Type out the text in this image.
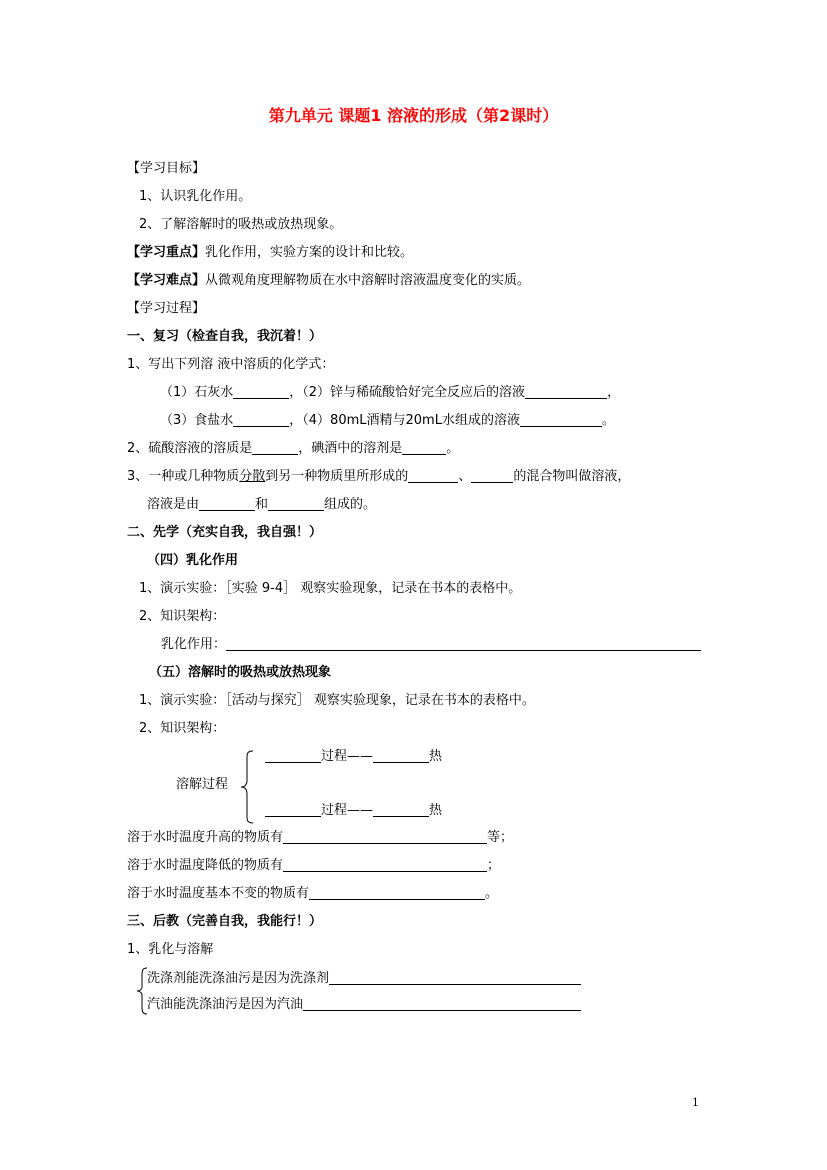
第九单元 课题1 溶液的形成（第2课时）
【学习目标】
1、认识乳化作用。
2、了解溶解时的吸热或放热现象。
【学习重点】乳化作用，实验方案的设计和比较。
【学习难点】从微观角度理解物质在水中溶解时溶液温度变化的实质。
【学习过程】
一、复习（检查自我，我沉着！）
1、写出下列溶 液中溶质的化学式：
（1）石灰水	，（2）锌与稀硫酸恰好完全反应后的溶液	，
（3）食盐水	，（4）80mL酒精与20mL水组成的溶液	。
2、硫酸溶液的溶质是	，碘酒中的溶剂是	。
3、一种或几种物质分散到另一种物质里所形成的	、	的混合物叫做溶液，
溶液是由	和	组成的。
二、先学（充实自我，我自强！）
（四）乳化作用
1、演示实验：［实验 9-4］ 观察实验现象，记录在书本的表格中。
2、知识架构：
乳化作用：
（五）溶解时的吸热或放热现象
1、演示实验：［活动与探究］ 观察实验现象，记录在书本的表格中。
2、知识架构：
溶解过程
过程——	热
过程——	热
溶于水时温度升高的物质有	等；
溶于水时温度降低的物质有	；
溶于水时温度基本不变的物质有	。
三、后教（完善自我，我能行！）
1、乳化与溶解
洗涤剂能洗涤油污是因为洗涤剂
汽油能洗涤油污是因为汽油
1
